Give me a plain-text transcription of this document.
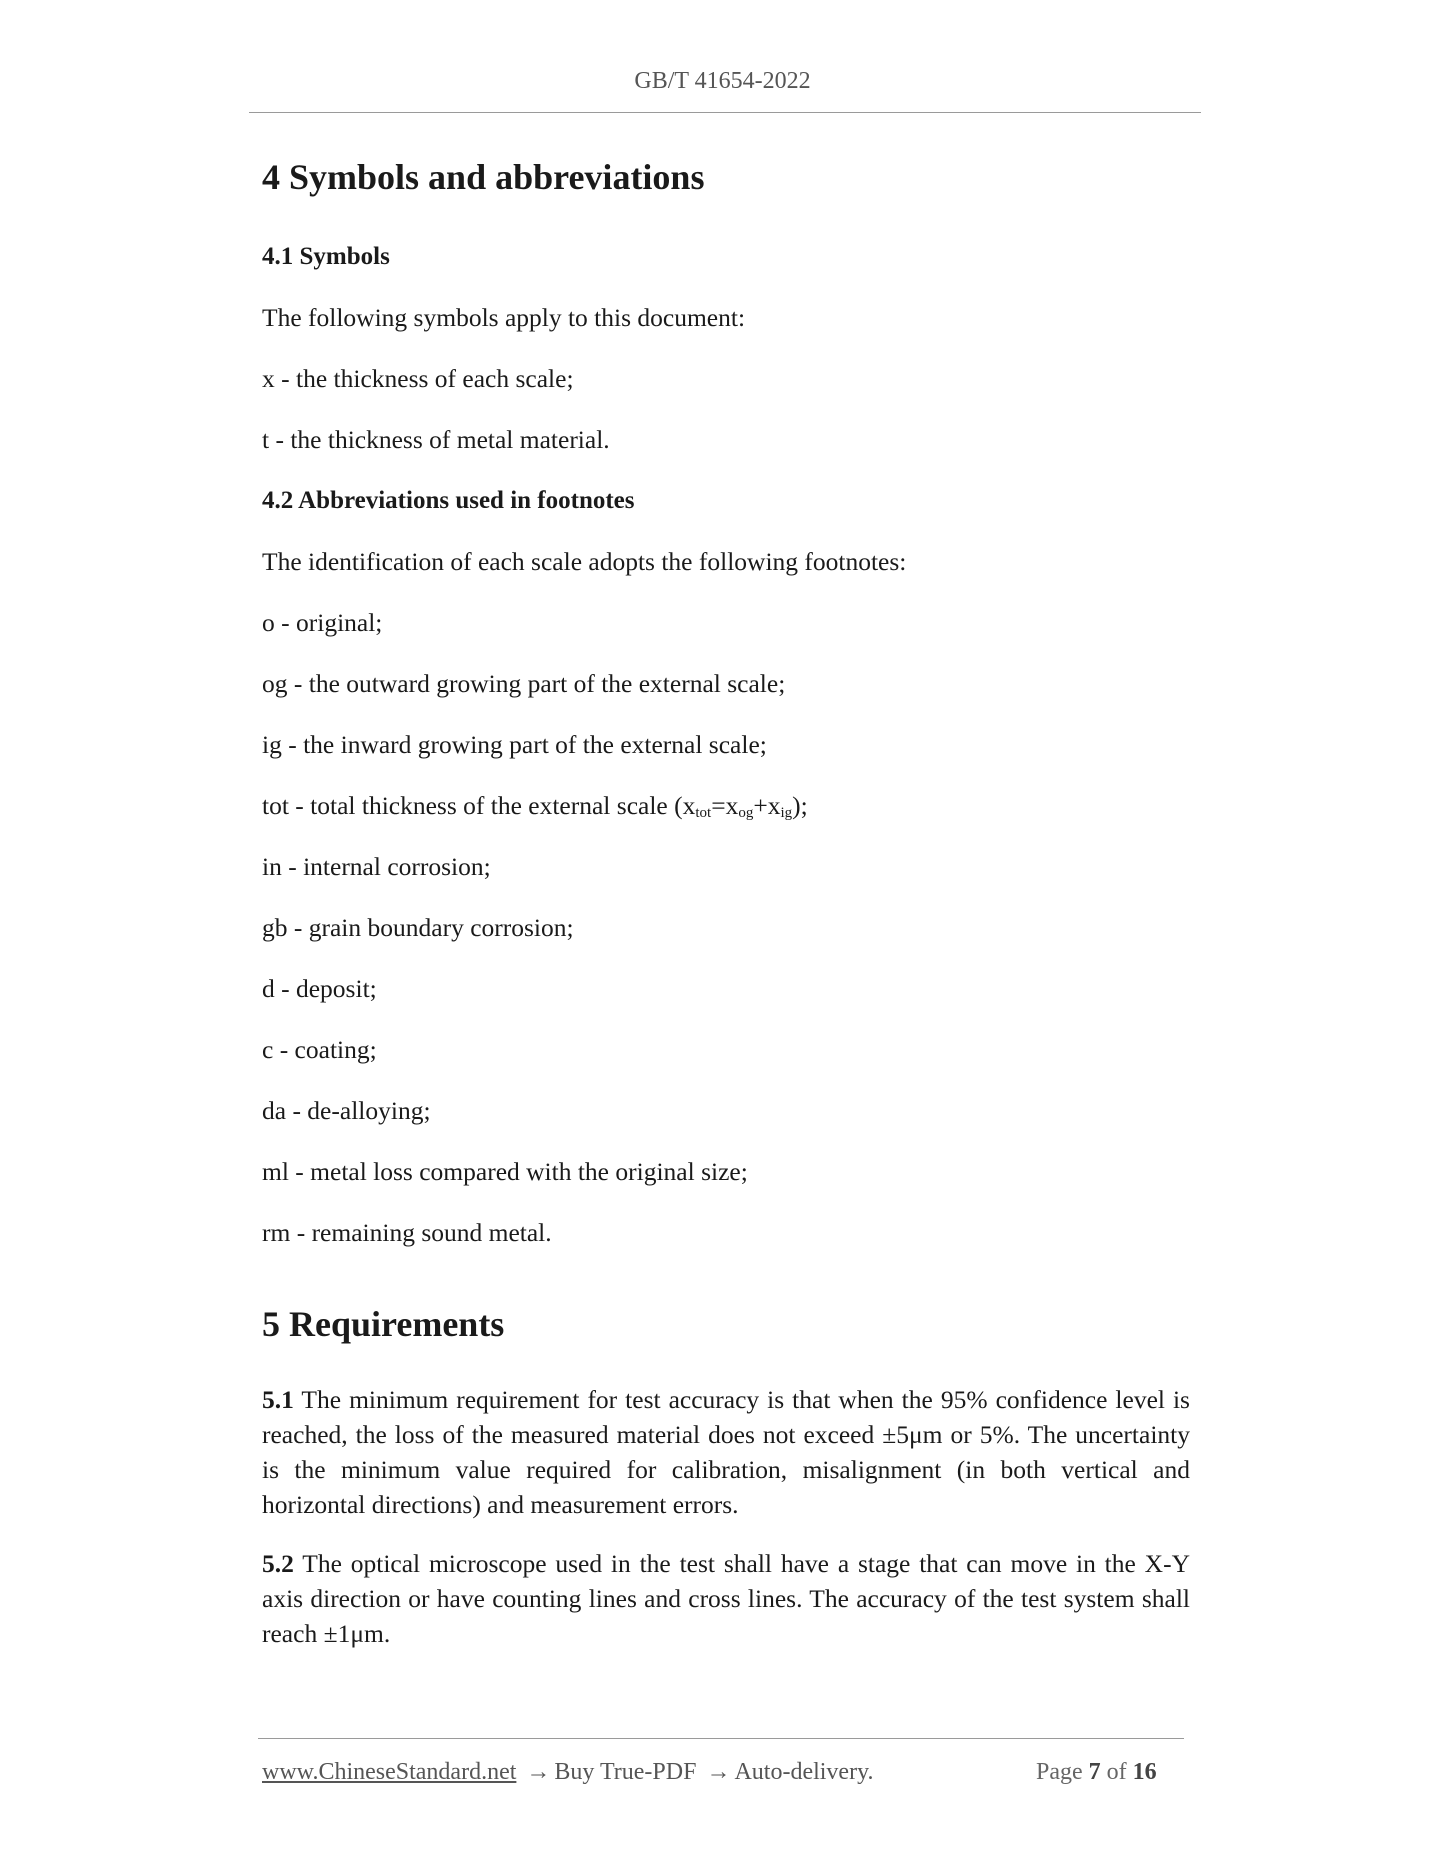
GB/T 41654-2022
4 Symbols and abbreviations
4.1 Symbols
The following symbols apply to this document:
x - the thickness of each scale;
t - the thickness of metal material.
4.2 Abbreviations used in footnotes
The identification of each scale adopts the following footnotes:
o - original;
og - the outward growing part of the external scale;
ig - the inward growing part of the external scale;
tot - total thickness of the external scale $(x_{tot}=x_{og}+x_{ig})$;
in - internal corrosion;
gb - grain boundary corrosion;
d - deposit;
c - coating;
da - de-alloying;
ml - metal loss compared with the original size;
rm - remaining sound metal.
5 Requirements
5.1 The minimum requirement for test accuracy is that when the 95% confidence level is reached, the loss of the measured material does not exceed ±5μm or 5%. The uncertainty is the minimum value required for calibration, misalignment (in both vertical and horizontal directions) and measurement errors.
5.2 The optical microscope used in the test shall have a stage that can move in the X-Y axis direction or have counting lines and cross lines. The accuracy of the test system shall reach ±1μm.
www.ChineseStandard.net → Buy True-PDF → Auto-delivery.	Page 7 of 16
